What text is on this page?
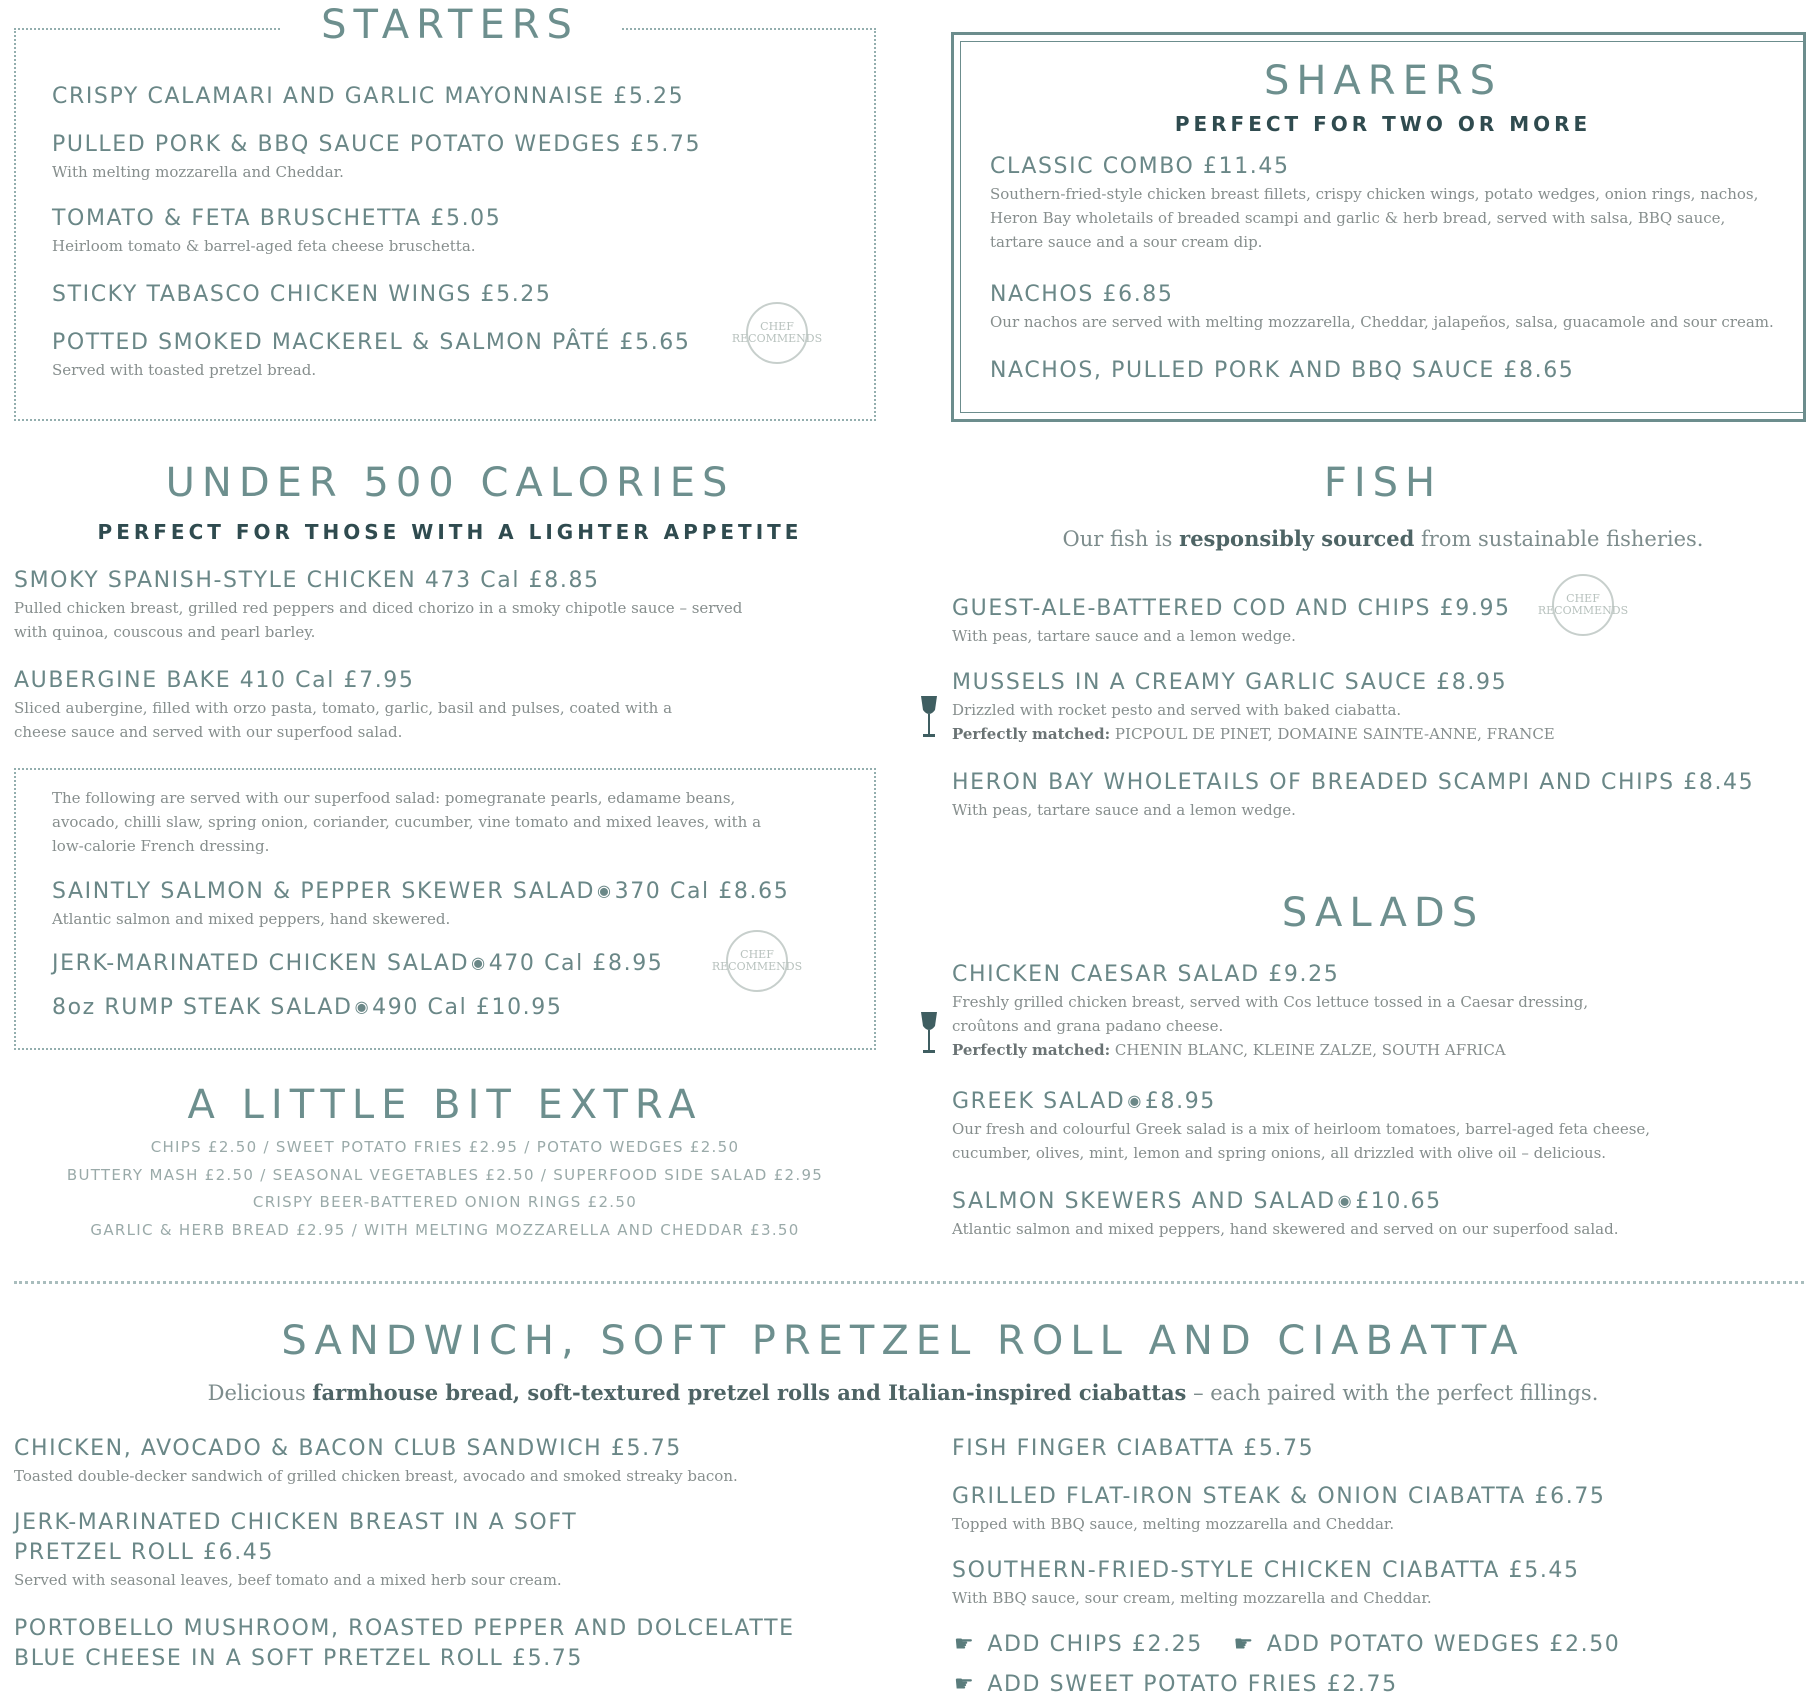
STARTERS
CRISPY CALAMARI AND GARLIC MAYONNAISE £5.25
PULLED PORK & BBQ SAUCE POTATO WEDGES £5.75
With melting mozzarella and Cheddar.
TOMATO & FETA BRUSCHETTA £5.05
Heirloom tomato & barrel-aged feta cheese bruschetta.
STICKY TABASCO CHICKEN WINGS £5.25
POTTED SMOKED MACKEREL & SALMON PÂTÉ £5.65
Served with toasted pretzel bread.
CHEF RECOMMENDS
SHARERS
PERFECT FOR TWO OR MORE
CLASSIC COMBO £11.45
Southern-fried-style chicken breast fillets, crispy chicken wings, potato wedges, onion rings, nachos, Heron Bay wholetails of breaded scampi and garlic & herb bread, served with salsa, BBQ sauce, tartare sauce and a sour cream dip.
NACHOS £6.85
Our nachos are served with melting mozzarella, Cheddar, jalapeños, salsa, guacamole and sour cream.
NACHOS, PULLED PORK AND BBQ SAUCE £8.65
UNDER 500 CALORIES
PERFECT FOR THOSE WITH A LIGHTER APPETITE
SMOKY SPANISH-STYLE CHICKEN 473 Cal £8.85
Pulled chicken breast, grilled red peppers and diced chorizo in a smoky chipotle sauce – served with quinoa, couscous and pearl barley.
AUBERGINE BAKE 410 Cal £7.95
Sliced aubergine, filled with orzo pasta, tomato, garlic, basil and pulses, coated with a cheese sauce and served with our superfood salad.
The following are served with our superfood salad: pomegranate pearls, edamame beans, avocado, chilli slaw, spring onion, coriander, cucumber, vine tomato and mixed leaves, with a low-calorie French dressing.
SAINTLY SALMON & PEPPER SKEWER SALAD ◉370 Cal £8.65
Atlantic salmon and mixed peppers, hand skewered.
JERK-MARINATED CHICKEN SALAD ◉470 Cal £8.95
8oz RUMP STEAK SALAD ◉490 Cal £10.95
CHEF RECOMMENDS
A LITTLE BIT EXTRA
CHIPS £2.50 / SWEET POTATO FRIES £2.95 / POTATO WEDGES £2.50
BUTTERY MASH £2.50 / SEASONAL VEGETABLES £2.50 / SUPERFOOD SIDE SALAD £2.95
CRISPY BEER-BATTERED ONION RINGS £2.50
GARLIC & HERB BREAD £2.95 / WITH MELTING MOZZARELLA AND CHEDDAR £3.50
FISH
Our fish is responsibly sourced from sustainable fisheries.
GUEST-ALE-BATTERED COD AND CHIPS £9.95
With peas, tartare sauce and a lemon wedge.
CHEF RECOMMENDS
MUSSELS IN A CREAMY GARLIC SAUCE £8.95
Drizzled with rocket pesto and served with baked ciabatta.
Perfectly matched: PICPOUL DE PINET, DOMAINE SAINTE-ANNE, FRANCE
HERON BAY WHOLETAILS OF BREADED SCAMPI AND CHIPS £8.45
With peas, tartare sauce and a lemon wedge.
SALADS
CHICKEN CAESAR SALAD £9.25
Freshly grilled chicken breast, served with Cos lettuce tossed in a Caesar dressing, croûtons and grana padano cheese.
Perfectly matched: CHENIN BLANC, KLEINE ZALZE, SOUTH AFRICA
GREEK SALAD ◉£8.95
Our fresh and colourful Greek salad is a mix of heirloom tomatoes, barrel-aged feta cheese, cucumber, olives, mint, lemon and spring onions, all drizzled with olive oil – delicious.
SALMON SKEWERS AND SALAD ◉£10.65
Atlantic salmon and mixed peppers, hand skewered and served on our superfood salad.
SANDWICH, SOFT PRETZEL ROLL AND CIABATTA
Delicious farmhouse bread, soft-textured pretzel rolls and Italian-inspired ciabattas – each paired with the perfect fillings.
CHICKEN, AVOCADO & BACON CLUB SANDWICH £5.75
Toasted double-decker sandwich of grilled chicken breast, avocado and smoked streaky bacon.
JERK-MARINATED CHICKEN BREAST IN A SOFT PRETZEL ROLL £6.45
Served with seasonal leaves, beef tomato and a mixed herb sour cream.
PORTOBELLO MUSHROOM, ROASTED PEPPER AND DOLCELATTE BLUE CHEESE IN A SOFT PRETZEL ROLL £5.75
FISH FINGER CIABATTA £5.75
GRILLED FLAT-IRON STEAK & ONION CIABATTA £6.75
Topped with BBQ sauce, melting mozzarella and Cheddar.
SOUTHERN-FRIED-STYLE CHICKEN CIABATTA £5.45
With BBQ sauce, sour cream, melting mozzarella and Cheddar.
☛ ADD CHIPS £2.25 ☛ ADD POTATO WEDGES £2.50
☛ ADD SWEET POTATO FRIES £2.75
